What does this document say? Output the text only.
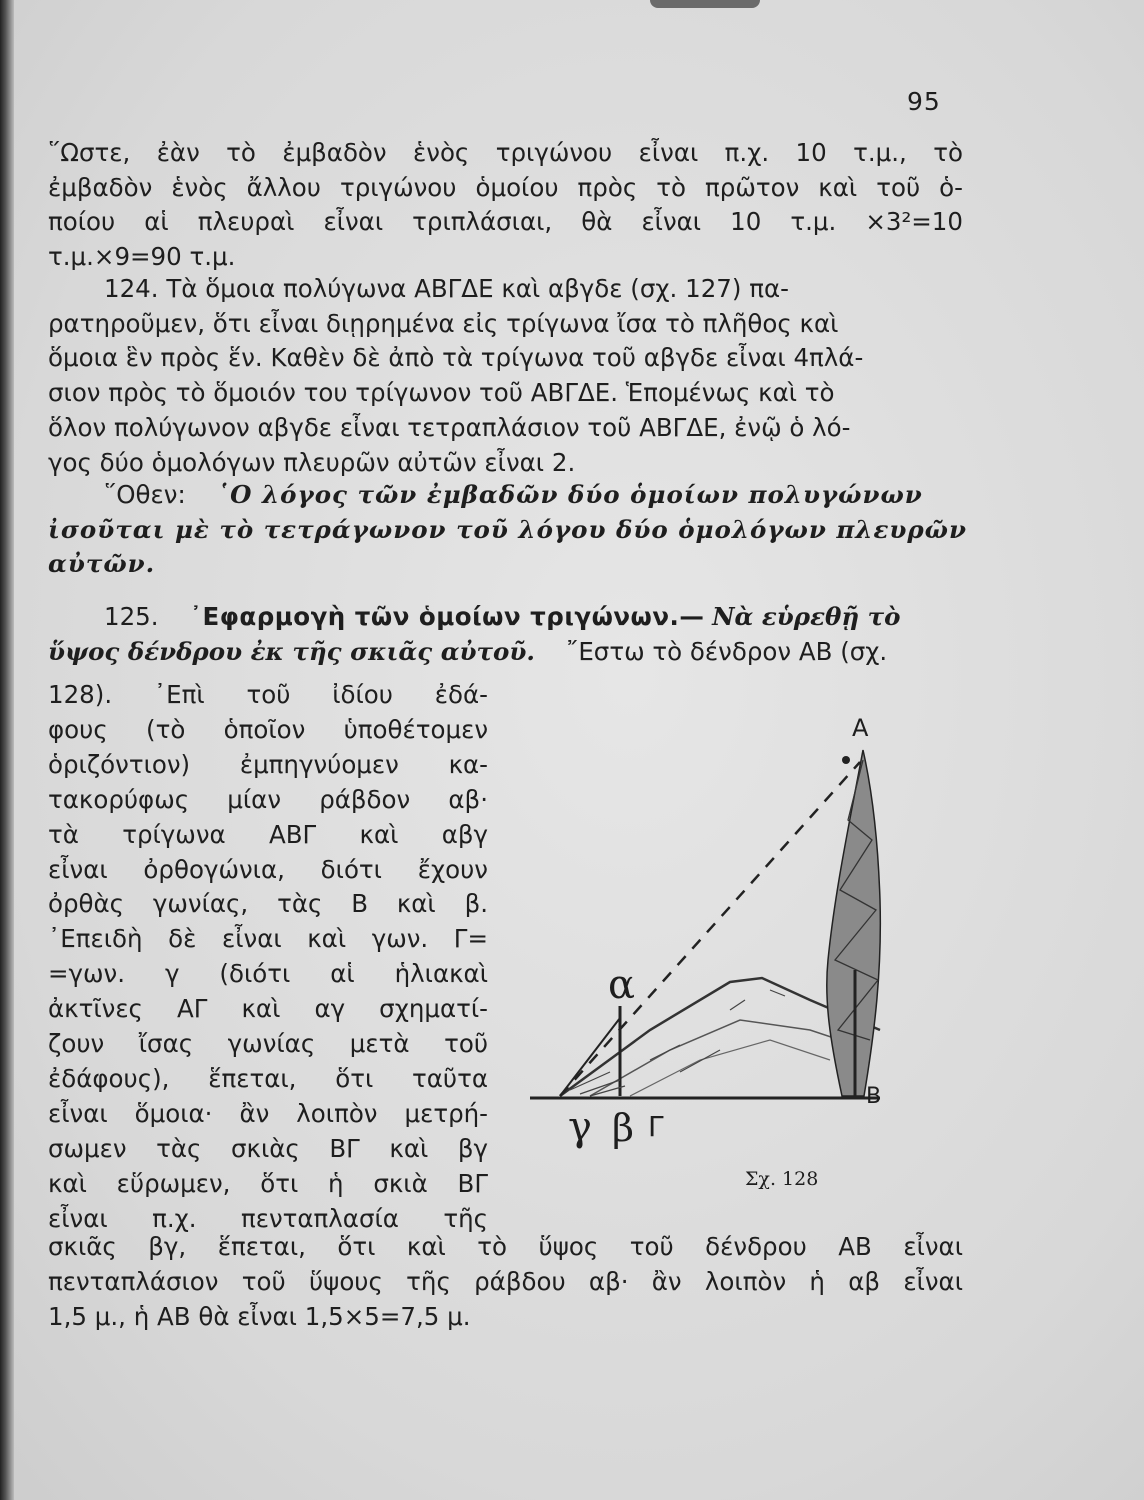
95
῞Ωστε, ἐὰν τὸ ἐμβαδὸν ἑνὸς τριγώνου εἶναι π.χ. 10 τ.μ., τὸ
ἐμβαδὸν ἑνὸς ἄλλου τριγώνου ὁμοίου πρὸς τὸ πρῶτον καὶ τοῦ ὁ-
ποίου αἱ πλευραὶ εἶναι τριπλάσιαι, θὰ εἶναι 10 τ.μ. ×3²=10
τ.μ.×9=90 τ.μ.
124. Τὰ ὅμοια πολύγωνα ΑΒΓΔΕ καὶ αβγδε (σχ. 127) πα-
ρατηροῦμεν, ὅτι εἶναι διῃρημένα εἰς τρίγωνα ἴσα τὸ πλῆθος καὶ
ὅμοια ἓν πρὸς ἕν. Καθὲν δὲ ἀπὸ τὰ τρίγωνα τοῦ αβγδε εἶναι 4πλά-
σιον πρὸς τὸ ὅμοιόν του τρίγωνον τοῦ ΑΒΓΔΕ. Ἑπομένως καὶ τὸ
ὅλον πολύγωνον αβγδε εἶναι τετραπλάσιον τοῦ ΑΒΓΔΕ, ἐνῷ ὁ λό-
γος δύο ὁμολόγων πλευρῶν αὐτῶν εἶναι 2.
῞Οθεν: ῾Ο λόγος τῶν ἐμβαδῶν δύο ὁμοίων πολυγώνων
ἰσοῦται μὲ τὸ τετράγωνον τοῦ λόγου δύο ὁμολόγων πλευρῶν
αὐτῶν.
125. ᾿Εφαρμογὴ τῶν ὁμοίων τριγώνων.— Νὰ εὑρεθῇ τὸ
ὕψος δένδρου ἐκ τῆς σκιᾶς αὐτοῦ. ῎Εστω τὸ δένδρον ΑΒ (σχ.
128). ᾿Επὶ τοῦ ἰδίου ἐδά-
φους (τὸ ὁποῖον ὑποθέτομεν
ὁριζόντιον) ἐμπηγνύομεν κα-
τακορύφως μίαν ράβδον αβ·
τὰ τρίγωνα ΑΒΓ καὶ αβγ
εἶναι ὀρθογώνια, διότι ἔχουν
ὀρθὰς γωνίας, τὰς Β καὶ β.
᾿Επειδὴ δὲ εἶναι καὶ γων. Γ=
=γων. γ (διότι αἱ ἡλιακαὶ
ἀκτῖνες ΑΓ καὶ αγ σχηματί-
ζουν ἴσας γωνίας μετὰ τοῦ
ἐδάφους), ἕπεται, ὅτι ταῦτα
εἶναι ὅμοια· ἂν λοιπὸν μετρή-
σωμεν τὰς σκιὰς ΒΓ καὶ βγ
καὶ εὕρωμεν, ὅτι ἡ σκιὰ ΒΓ
εἶναι π.χ. πενταπλασία τῆς
σκιᾶς βγ, ἕπεται, ὅτι καὶ τὸ ὕψος τοῦ δένδρου ΑΒ εἶναι
πενταπλάσιον τοῦ ὕψους τῆς ράβδου αβ· ἂν λοιπὸν ἡ αβ εἶναι
1,5 μ., ἡ ΑΒ θὰ εἶναι 1,5×5=7,5 μ.
A
B
Γ
α
β
γ
Σχ. 128
